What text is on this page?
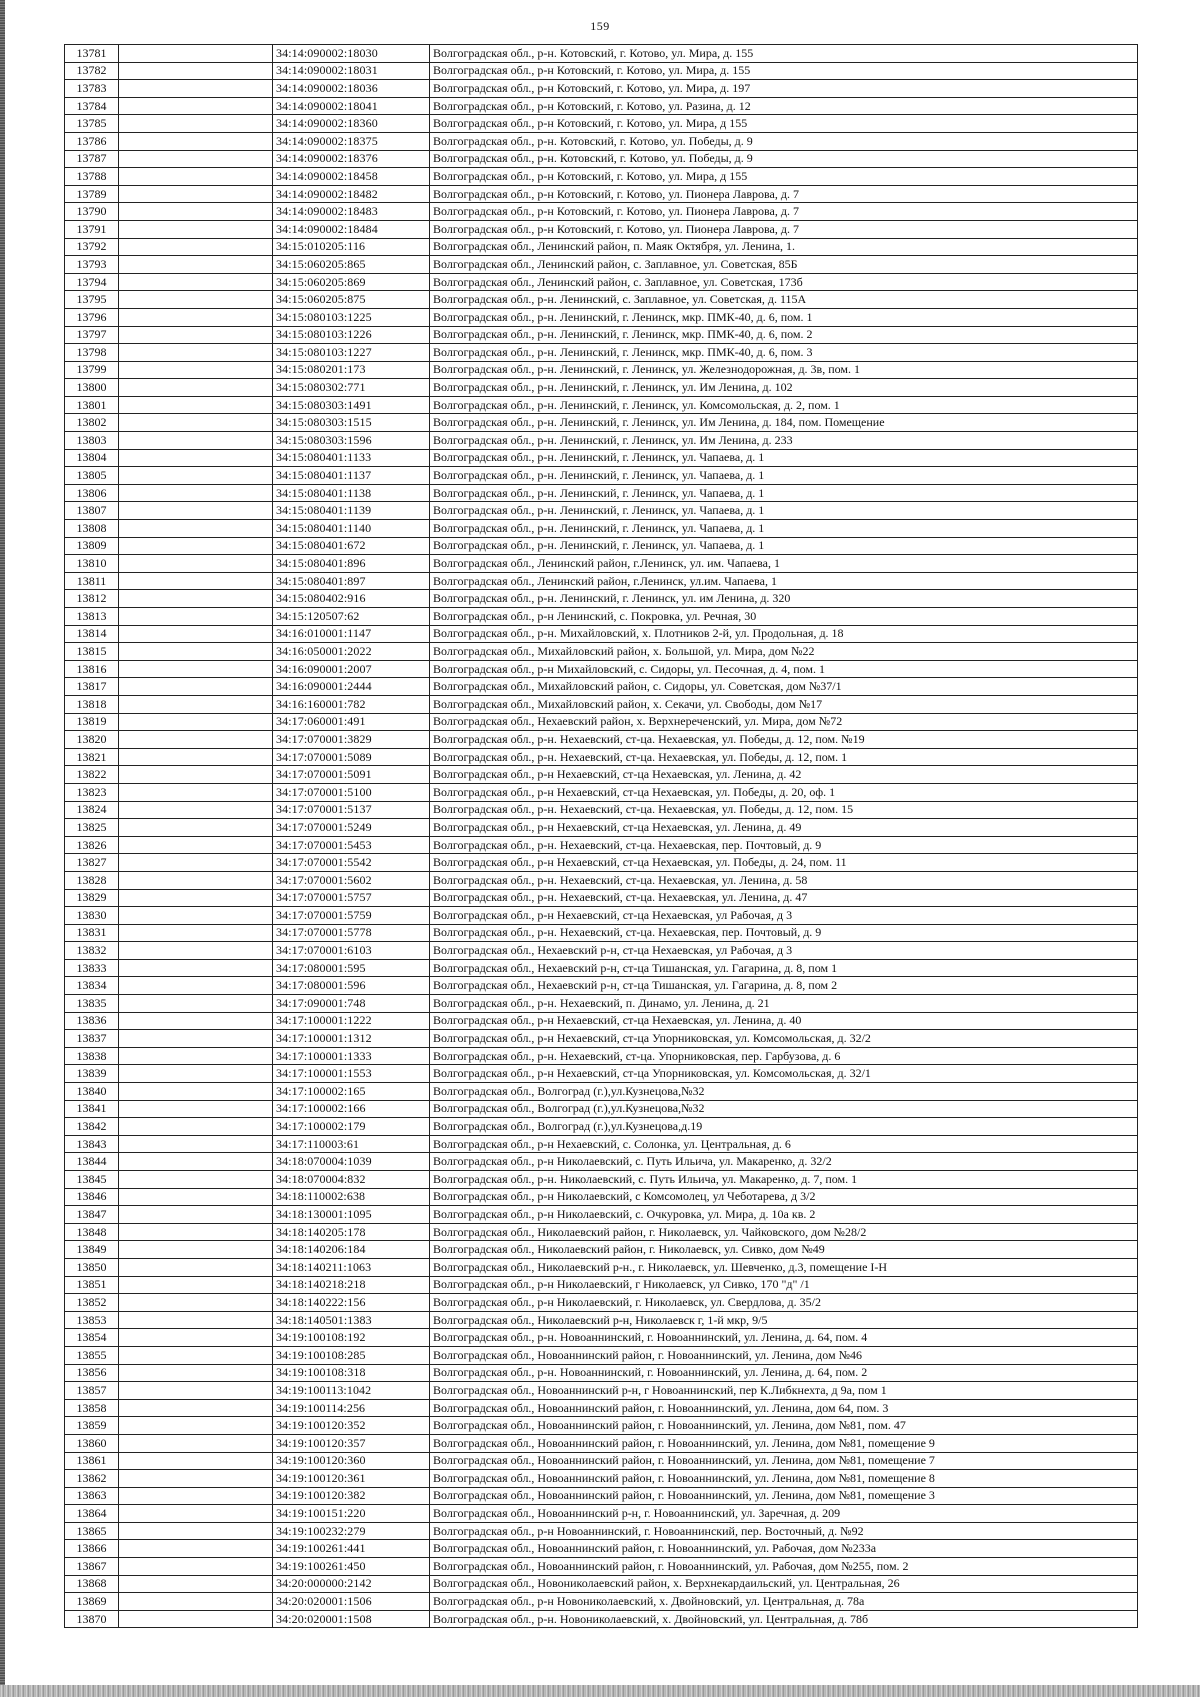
159
13781		34:14:090002:18030	Волгоградская обл., р-н. Котовский, г. Котово, ул. Мира, д. 155
13782		34:14:090002:18031	Волгоградская обл., р-н Котовский, г. Котово, ул. Мира, д. 155
13783		34:14:090002:18036	Волгоградская обл., р-н Котовский, г. Котово, ул. Мира, д. 197
13784		34:14:090002:18041	Волгоградская обл., р-н Котовский, г. Котово, ул. Разина, д. 12
13785		34:14:090002:18360	Волгоградская обл., р-н Котовский, г. Котово, ул. Мира, д 155
13786		34:14:090002:18375	Волгоградская обл., р-н. Котовский, г. Котово, ул. Победы, д. 9
13787		34:14:090002:18376	Волгоградская обл., р-н. Котовский, г. Котово, ул. Победы, д. 9
13788		34:14:090002:18458	Волгоградская обл., р-н Котовский, г. Котово, ул. Мира, д 155
13789		34:14:090002:18482	Волгоградская обл., р-н Котовский, г. Котово, ул. Пионера Лаврова, д. 7
13790		34:14:090002:18483	Волгоградская обл., р-н Котовский, г. Котово, ул. Пионера Лаврова, д. 7
13791		34:14:090002:18484	Волгоградская обл., р-н Котовский, г. Котово, ул. Пионера Лаврова, д. 7
13792		34:15:010205:116	Волгоградская обл., Ленинский район, п. Маяк Октября, ул. Ленина, 1.
13793		34:15:060205:865	Волгоградская обл., Ленинский район, с. Заплавное, ул. Советская, 85Б
13794		34:15:060205:869	Волгоградская обл., Ленинский район, с. Заплавное, ул. Советская, 173б
13795		34:15:060205:875	Волгоградская обл., р-н. Ленинский, с. Заплавное, ул. Советская, д. 115А
13796		34:15:080103:1225	Волгоградская обл., р-н. Ленинский, г. Ленинск, мкр. ПМК-40, д. 6, пом. 1
13797		34:15:080103:1226	Волгоградская обл., р-н. Ленинский, г. Ленинск, мкр. ПМК-40, д. 6, пом. 2
13798		34:15:080103:1227	Волгоградская обл., р-н. Ленинский, г. Ленинск, мкр. ПМК-40, д. 6, пом. 3
13799		34:15:080201:173	Волгоградская обл., р-н. Ленинский, г. Ленинск, ул. Железнодорожная, д. 3в, пом. 1
13800		34:15:080302:771	Волгоградская обл., р-н. Ленинский, г. Ленинск, ул. Им Ленина, д. 102
13801		34:15:080303:1491	Волгоградская обл., р-н. Ленинский, г. Ленинск, ул. Комсомольская, д. 2, пом. 1
13802		34:15:080303:1515	Волгоградская обл., р-н. Ленинский, г. Ленинск, ул. Им Ленина, д. 184, пом. Помещение
13803		34:15:080303:1596	Волгоградская обл., р-н. Ленинский, г. Ленинск, ул. Им Ленина, д. 233
13804		34:15:080401:1133	Волгоградская обл., р-н. Ленинский, г. Ленинск, ул. Чапаева, д. 1
13805		34:15:080401:1137	Волгоградская обл., р-н. Ленинский, г. Ленинск, ул. Чапаева, д. 1
13806		34:15:080401:1138	Волгоградская обл., р-н. Ленинский, г. Ленинск, ул. Чапаева, д. 1
13807		34:15:080401:1139	Волгоградская обл., р-н. Ленинский, г. Ленинск, ул. Чапаева, д. 1
13808		34:15:080401:1140	Волгоградская обл., р-н. Ленинский, г. Ленинск, ул. Чапаева, д. 1
13809		34:15:080401:672	Волгоградская обл., р-н. Ленинский, г. Ленинск, ул. Чапаева, д. 1
13810		34:15:080401:896	Волгоградская обл., Ленинский район, г.Ленинск, ул. им. Чапаева, 1
13811		34:15:080401:897	Волгоградская обл., Ленинский район, г.Ленинск, ул.им. Чапаева, 1
13812		34:15:080402:916	Волгоградская обл., р-н. Ленинский, г. Ленинск, ул. им Ленина, д. 320
13813		34:15:120507:62	Волгоградская обл., р-н Ленинский, с. Покровка, ул. Речная, 30
13814		34:16:010001:1147	Волгоградская обл., р-н. Михайловский, х. Плотников 2-й, ул. Продольная, д. 18
13815		34:16:050001:2022	Волгоградская обл., Михайловский район, х. Большой, ул. Мира, дом №22
13816		34:16:090001:2007	Волгоградская обл., р-н Михайловский, с. Сидоры, ул. Песочная, д. 4, пом. 1
13817		34:16:090001:2444	Волгоградская обл., Михайловский район, с. Сидоры, ул. Советская, дом №37/1
13818		34:16:160001:782	Волгоградская обл., Михайловский район, х. Секачи, ул. Свободы, дом №17
13819		34:17:060001:491	Волгоградская обл., Нехаевский район, х. Верхнереченский, ул. Мира, дом №72
13820		34:17:070001:3829	Волгоградская обл., р-н. Нехаевский, ст-ца. Нехаевская, ул. Победы, д. 12, пом. №19
13821		34:17:070001:5089	Волгоградская обл., р-н. Нехаевский, ст-ца. Нехаевская, ул. Победы, д. 12, пом. 1
13822		34:17:070001:5091	Волгоградская обл., р-н Нехаевский, ст-ца Нехаевская, ул. Ленина, д. 42
13823		34:17:070001:5100	Волгоградская обл., р-н Нехаевский, ст-ца Нехаевская, ул. Победы, д. 20, оф. 1
13824		34:17:070001:5137	Волгоградская обл., р-н. Нехаевский, ст-ца. Нехаевская, ул. Победы, д. 12, пом. 15
13825		34:17:070001:5249	Волгоградская обл., р-н Нехаевский, ст-ца Нехаевская, ул. Ленина, д. 49
13826		34:17:070001:5453	Волгоградская обл., р-н. Нехаевский, ст-ца. Нехаевская, пер. Почтовый, д. 9
13827		34:17:070001:5542	Волгоградская обл., р-н Нехаевский, ст-ца Нехаевская, ул. Победы, д. 24, пом. 11
13828		34:17:070001:5602	Волгоградская обл., р-н. Нехаевский, ст-ца. Нехаевская, ул. Ленина, д. 58
13829		34:17:070001:5757	Волгоградская обл., р-н. Нехаевский, ст-ца. Нехаевская, ул. Ленина, д. 47
13830		34:17:070001:5759	Волгоградская обл., р-н Нехаевский, ст-ца Нехаевская, ул Рабочая, д 3
13831		34:17:070001:5778	Волгоградская обл., р-н. Нехаевский, ст-ца. Нехаевская, пер. Почтовый, д. 9
13832		34:17:070001:6103	Волгоградская обл., Нехаевский р-н, ст-ца Нехаевская, ул Рабочая, д 3
13833		34:17:080001:595	Волгоградская обл., Нехаевский р-н, ст-ца Тишанская, ул. Гагарина, д. 8, пом 1
13834		34:17:080001:596	Волгоградская обл., Нехаевский р-н, ст-ца Тишанская, ул. Гагарина, д. 8, пом 2
13835		34:17:090001:748	Волгоградская обл., р-н. Нехаевский, п. Динамо, ул. Ленина, д. 21
13836		34:17:100001:1222	Волгоградская обл., р-н Нехаевский, ст-ца Нехаевская, ул. Ленина, д. 40
13837		34:17:100001:1312	Волгоградская обл., р-н Нехаевский, ст-ца Упорниковская, ул. Комсомольская, д. 32/2
13838		34:17:100001:1333	Волгоградская обл., р-н. Нехаевский, ст-ца. Упорниковская, пер. Гарбузова, д. 6
13839		34:17:100001:1553	Волгоградская обл., р-н Нехаевский, ст-ца Упорниковская, ул. Комсомольская, д. 32/1
13840		34:17:100002:165	Волгоградская обл., Волгоград (г.),ул.Кузнецова,№32
13841		34:17:100002:166	Волгоградская обл., Волгоград (г.),ул.Кузнецова,№32
13842		34:17:100002:179	Волгоградская обл., Волгоград (г.),ул.Кузнецова,д.19
13843		34:17:110003:61	Волгоградская обл., р-н Нехаевский, с. Солонка, ул. Центральная, д. 6
13844		34:18:070004:1039	Волгоградская обл., р-н Николаевский, с. Путь Ильича, ул. Макаренко, д. 32/2
13845		34:18:070004:832	Волгоградская обл., р-н. Николаевский, с. Путь Ильича, ул. Макаренко, д. 7, пом. 1
13846		34:18:110002:638	Волгоградская обл., р-н Николаевский, с Комсомолец, ул Чеботарева, д 3/2
13847		34:18:130001:1095	Волгоградская обл., р-н Николаевский, с. Очкуровка, ул. Мира, д. 10а кв. 2
13848		34:18:140205:178	Волгоградская обл., Николаевский район, г. Николаевск, ул. Чайковского, дом №28/2
13849		34:18:140206:184	Волгоградская обл., Николаевский район, г. Николаевск, ул. Сивко, дом №49
13850		34:18:140211:1063	Волгоградская обл., Николаевский р-н., г. Николаевск, ул. Шевченко, д.3, помещение I-Н
13851		34:18:140218:218	Волгоградская обл., р-н Николаевский, г Николаевск, ул Сивко, 170 "д" /1
13852		34:18:140222:156	Волгоградская обл., р-н Николаевский, г. Николаевск, ул. Свердлова, д. 35/2
13853		34:18:140501:1383	Волгоградская обл., Николаевский р-н, Николаевск г, 1-й мкр, 9/5
13854		34:19:100108:192	Волгоградская обл., р-н. Новоаннинский, г. Новоаннинский, ул. Ленина, д. 64, пом. 4
13855		34:19:100108:285	Волгоградская обл., Новоаннинский район, г. Новоаннинский, ул. Ленина, дом №46
13856		34:19:100108:318	Волгоградская обл., р-н. Новоаннинский, г. Новоаннинский, ул. Ленина, д. 64, пом. 2
13857		34:19:100113:1042	Волгоградская обл., Новоаннинский р-н, г Новоаннинский, пер К.Либкнехта, д 9а, пом 1
13858		34:19:100114:256	Волгоградская обл., Новоаннинский район, г. Новоаннинский, ул. Ленина, дом 64, пом. 3
13859		34:19:100120:352	Волгоградская обл., Новоаннинский район, г. Новоаннинский, ул. Ленина, дом №81, пом. 47
13860		34:19:100120:357	Волгоградская обл., Новоаннинский район, г. Новоаннинский, ул. Ленина, дом №81, помещение 9
13861		34:19:100120:360	Волгоградская обл., Новоаннинский район, г. Новоаннинский, ул. Ленина, дом №81, помещение 7
13862		34:19:100120:361	Волгоградская обл., Новоаннинский район, г. Новоаннинский, ул. Ленина, дом №81, помещение 8
13863		34:19:100120:382	Волгоградская обл., Новоаннинский район, г. Новоаннинский, ул. Ленина, дом №81, помещение 3
13864		34:19:100151:220	Волгоградская обл., Новоаннинский р-н, г. Новоаннинский, ул. Заречная, д. 209
13865		34:19:100232:279	Волгоградская обл., р-н Новоаннинский, г. Новоаннинский, пер. Восточный, д. №92
13866		34:19:100261:441	Волгоградская обл., Новоаннинский район, г. Новоаннинский, ул. Рабочая, дом №233а
13867		34:19:100261:450	Волгоградская обл., Новоаннинский район, г. Новоаннинский, ул. Рабочая, дом №255, пом. 2
13868		34:20:000000:2142	Волгоградская обл., Новониколаевский район, х. Верхнекардаильский, ул. Центральная, 26
13869		34:20:020001:1506	Волгоградская обл., р-н Новониколаевский, х. Двойновский, ул. Центральная, д. 78а
13870		34:20:020001:1508	Волгоградская обл., р-н. Новониколаевский, х. Двойновский, ул. Центральная, д. 78б
